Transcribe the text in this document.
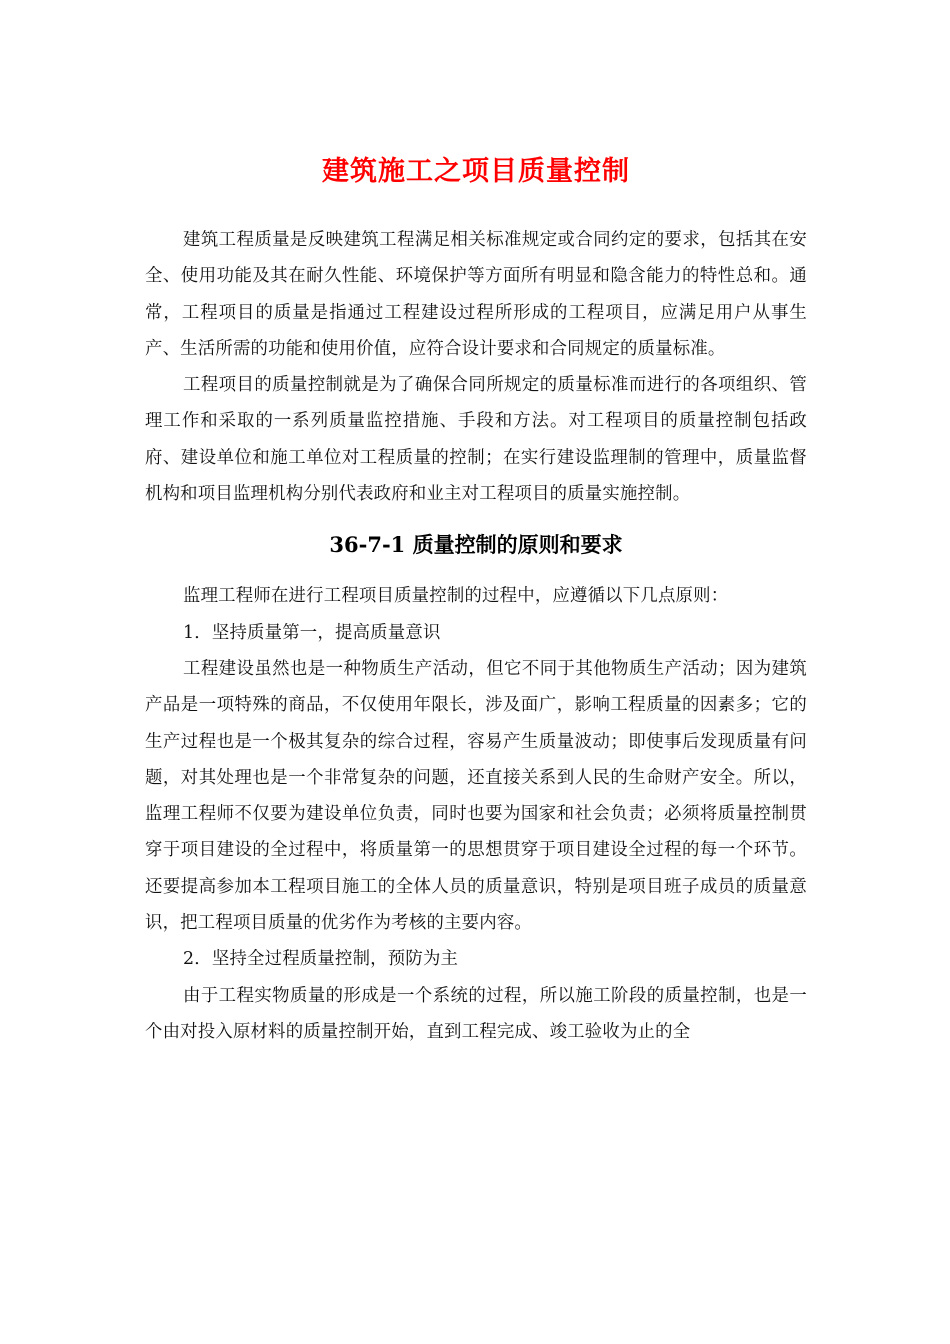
建筑施工之项目质量控制

建筑工程质量是反映建筑工程满足相关标准规定或合同约定的要求，包括其在安全、使用功能及其在耐久性能、环境保护等方面所有明显和隐含能力的特性总和。通常，工程项目的质量是指通过工程建设过程所形成的工程项目，应满足用户从事生产、生活所需的功能和使用价值，应符合设计要求和合同规定的质量标准。

工程项目的质量控制就是为了确保合同所规定的质量标准而进行的各项组织、管理工作和采取的一系列质量监控措施、手段和方法。对工程项目的质量控制包括政府、建设单位和施工单位对工程质量的控制；在实行建设监理制的管理中，质量监督机构和项目监理机构分别代表政府和业主对工程项目的质量实施控制。

36-7-1 质量控制的原则和要求

监理工程师在进行工程项目质量控制的过程中，应遵循以下几点原则：

1．坚持质量第一，提高质量意识

工程建设虽然也是一种物质生产活动，但它不同于其他物质生产活动；因为建筑产品是一项特殊的商品，不仅使用年限长，涉及面广，影响工程质量的因素多；它的生产过程也是一个极其复杂的综合过程，容易产生质量波动；即使事后发现质量有问题，对其处理也是一个非常复杂的问题，还直接关系到人民的生命财产安全。所以，监理工程师不仅要为建设单位负责，同时也要为国家和社会负责；必须将质量控制贯穿于项目建设的全过程中，将质量第一的思想贯穿于项目建设全过程的每一个环节。还要提高参加本工程项目施工的全体人员的质量意识，特别是项目班子成员的质量意识，把工程项目质量的优劣作为考核的主要内容。

2．坚持全过程质量控制，预防为主

由于工程实物质量的形成是一个系统的过程，所以施工阶段的质量控制，也是一个由对投入原材料的质量控制开始，直到工程完成、竣工验收为止的全
